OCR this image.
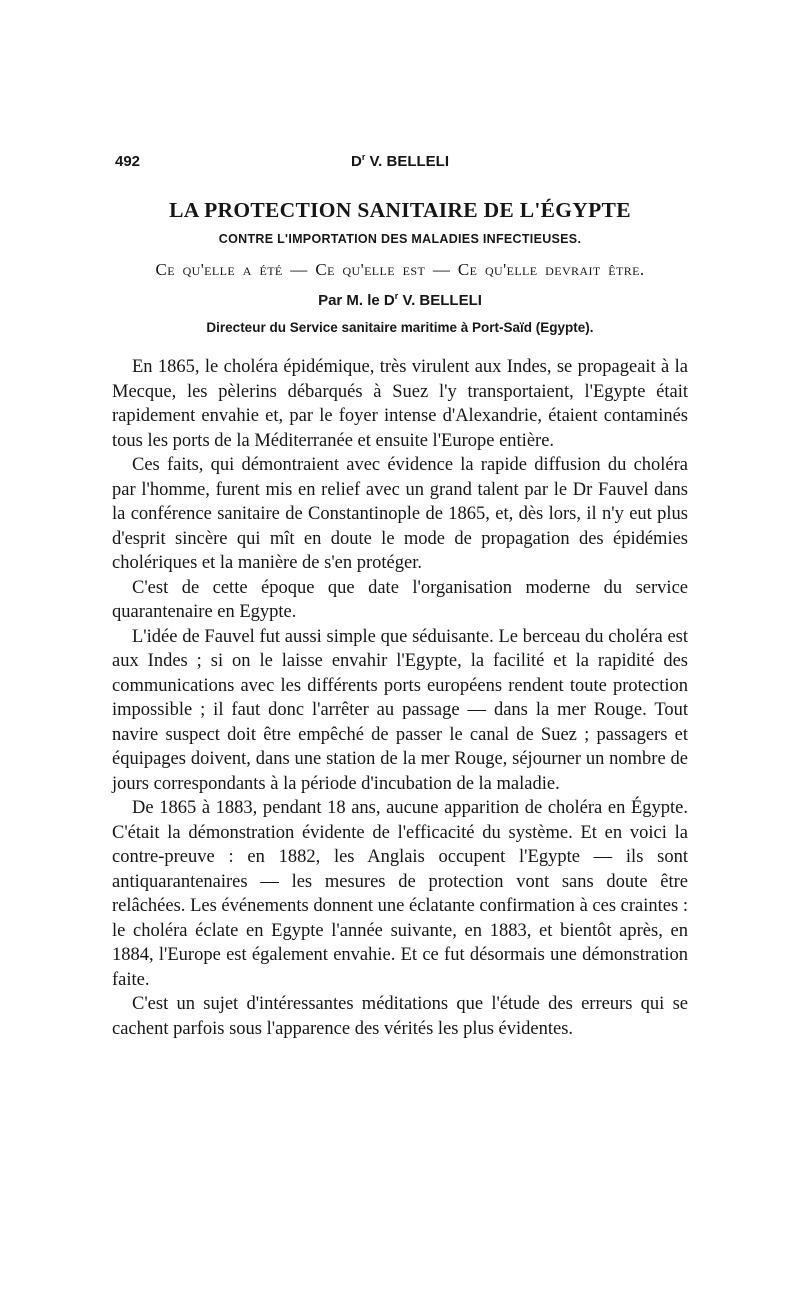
492	$D^r$ V. BELLELI
LA PROTECTION SANITAIRE DE L'ÉGYPTE
CONTRE L'IMPORTATION DES MALADIES INFECTIEUSES.
Ce qu'elle a été — Ce qu'elle est — Ce qu'elle devrait être.
Par M. le $D^r$ V. BELLELI
Directeur du Service sanitaire maritime à Port-Saïd (Egypte).

En 1865, le choléra épidémique, très virulent aux Indes, se propageait à la Mecque, les pèlerins débarqués à Suez l'y transportaient, l'Egypte était rapidement envahie et, par le foyer intense d'Alexandrie, étaient contaminés tous les ports de la Méditerranée et ensuite l'Europe entière.

Ces faits, qui démontraient avec évidence la rapide diffusion du choléra par l'homme, furent mis en relief avec un grand talent par le Dr Fauvel dans la conférence sanitaire de Constantinople de 1865, et, dès lors, il n'y eut plus d'esprit sincère qui mît en doute le mode de propagation des épidémies cholériques et la manière de s'en protéger.

C'est de cette époque que date l'organisation moderne du service quarantenaire en Egypte.

L'idée de Fauvel fut aussi simple que séduisante. Le berceau du choléra est aux Indes ; si on le laisse envahir l'Egypte, la facilité et la rapidité des communications avec les différents ports européens rendent toute protection impossible ; il faut donc l'arrêter au passage — dans la mer Rouge. Tout navire suspect doit être empêché de passer le canal de Suez ; passagers et équipages doivent, dans une station de la mer Rouge, séjourner un nombre de jours correspondants à la période d'incubation de la maladie.

De 1865 à 1883, pendant 18 ans, aucune apparition de choléra en Égypte. C'était la démonstration évidente de l'efficacité du système. Et en voici la contre-preuve : en 1882, les Anglais occupent l'Egypte — ils sont antiquarantenaires — les mesures de protection vont sans doute être relâchées. Les événements donnent une éclatante confirmation à ces craintes : le choléra éclate en Egypte l'année suivante, en 1883, et bientôt après, en 1884, l'Europe est également envahie. Et ce fut désormais une démonstration faite.

C'est un sujet d'intéressantes méditations que l'étude des erreurs qui se cachent parfois sous l'apparence des vérités les plus évidentes.
